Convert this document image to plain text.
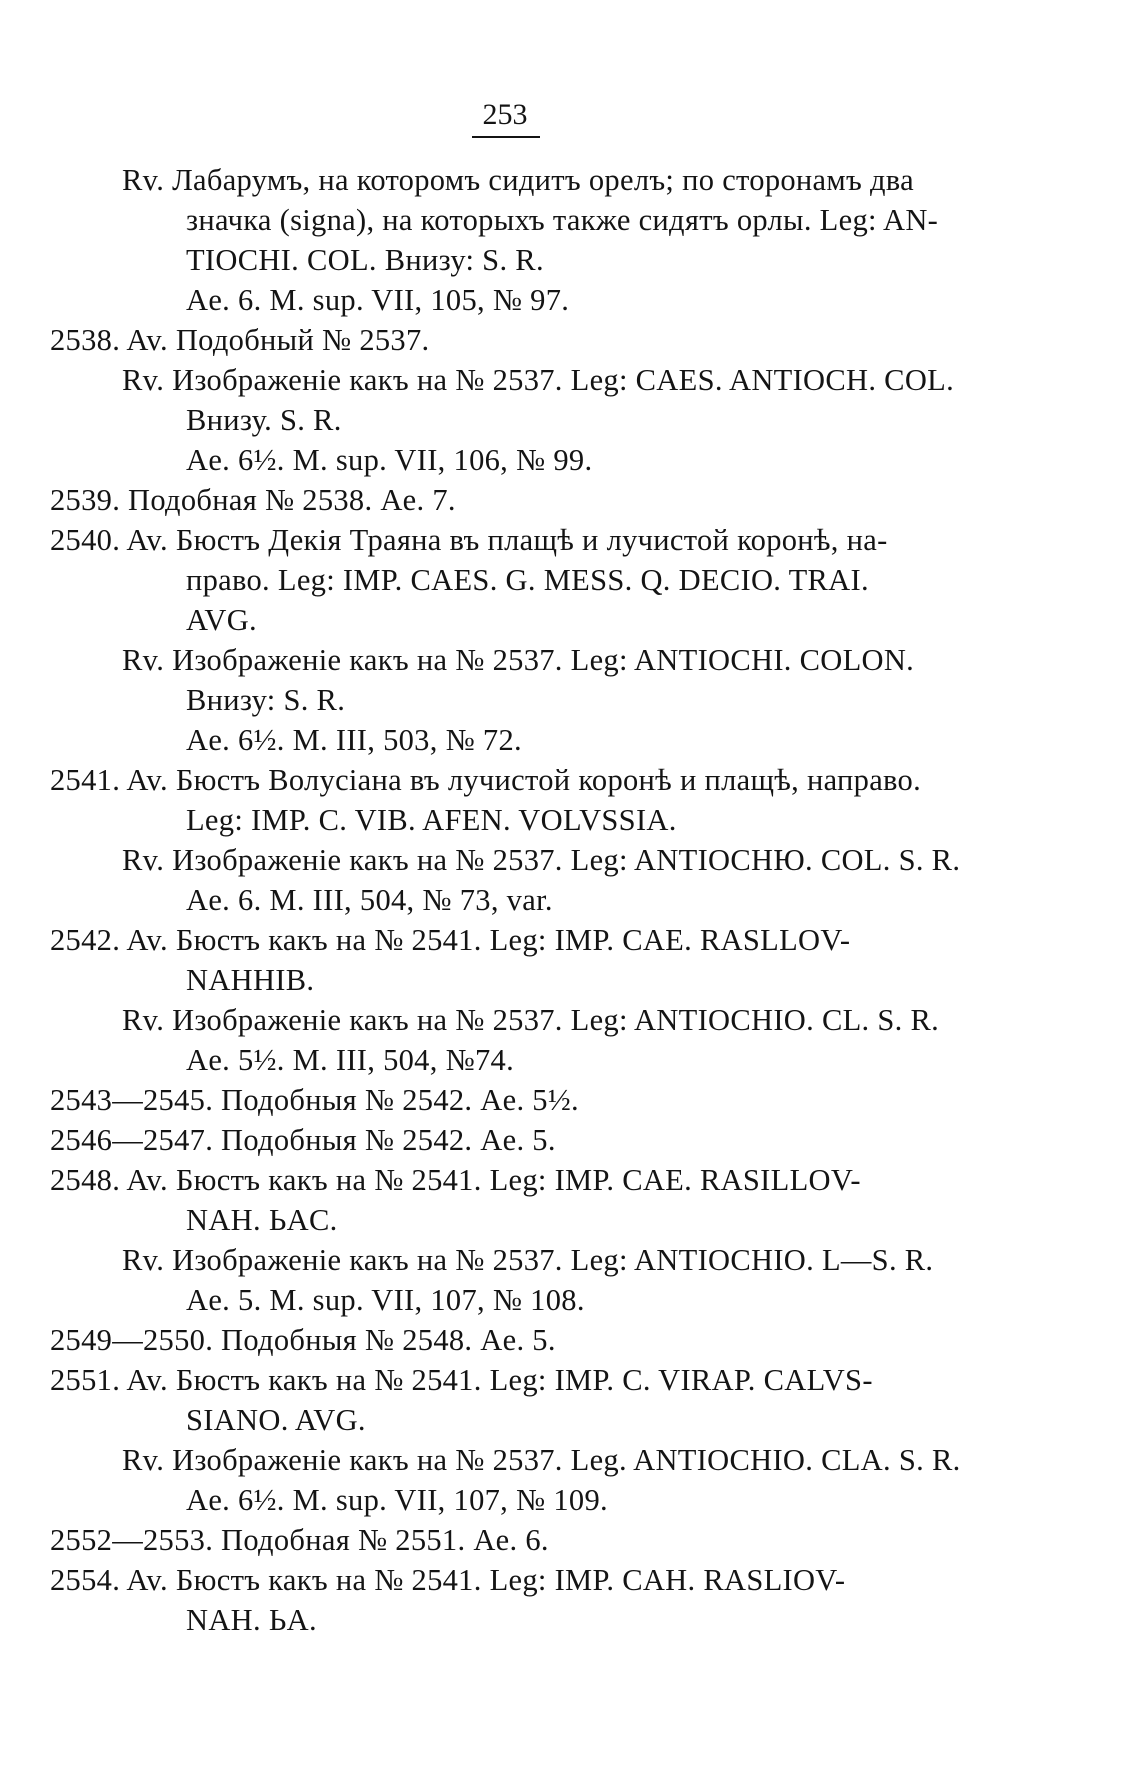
253
Rv. Лабарумъ, на которомъ сидитъ орелъ; по сторонамъ два
значка (signa), на которыхъ также сидятъ орлы. Leg: AN-
TIOCHI. COL. Внизу: S. R.
Ae. 6. M. sup. VII, 105, № 97.
2538. Av. Подобный № 2537.
Rv. Изображеніе какъ на № 2537. Leg: CAES. ANTIOCH. COL.
Внизу. S. R.
Ae. 6½. M. sup. VII, 106, № 99.
2539. Подобная № 2538. Ae. 7.
2540. Av. Бюстъ Декія Траяна въ плащѣ и лучистой коронѣ, на-
право. Leg: IMP. CAES. G. MESS. Q. DECIO. TRAI.
AVG.
Rv. Изображеніе какъ на № 2537. Leg: ANTIOCHI. COLON.
Внизу: S. R.
Ae. 6½. M. III, 503, № 72.
2541. Av. Бюстъ Волусіана въ лучистой коронѣ и плащѣ, направо.
Leg: IMP. C. VIB. AFEN. VOLVSSIA.
Rv. Изображеніе какъ на № 2537. Leg: ANTIOCHЮ. COL. S. R.
Ae. 6. M. III, 504, № 73, var.
2542. Av. Бюстъ какъ на № 2541. Leg: IMP. CAE. RASLLOV-
NAHHIB.
Rv. Изображеніе какъ на № 2537. Leg: ANTIOCHIO. CL. S. R.
Ae. 5½. M. III, 504, №74.
2543—2545. Подобныя № 2542. Ae. 5½.
2546—2547. Подобныя № 2542. Ae. 5.
2548. Av. Бюстъ какъ на № 2541. Leg: IMP. CAE. RASILLOV-
NAH. ЬAC.
Rv. Изображеніе какъ на № 2537. Leg: ANTIOCHIO. L—S. R.
Ae. 5. M. sup. VII, 107, № 108.
2549—2550. Подобныя № 2548. Ae. 5.
2551. Av. Бюстъ какъ на № 2541. Leg: IMP. C. VIRAP. CALVS-
SIANO. AVG.
Rv. Изображеніе какъ на № 2537. Leg. ANTIOCHIO. CLA. S. R.
Ae. 6½. M. sup. VII, 107, № 109.
2552—2553. Подобная № 2551. Ae. 6.
2554. Av. Бюстъ какъ на № 2541. Leg: IMP. CAH. RASLIOV-
NAH. ЬA.
